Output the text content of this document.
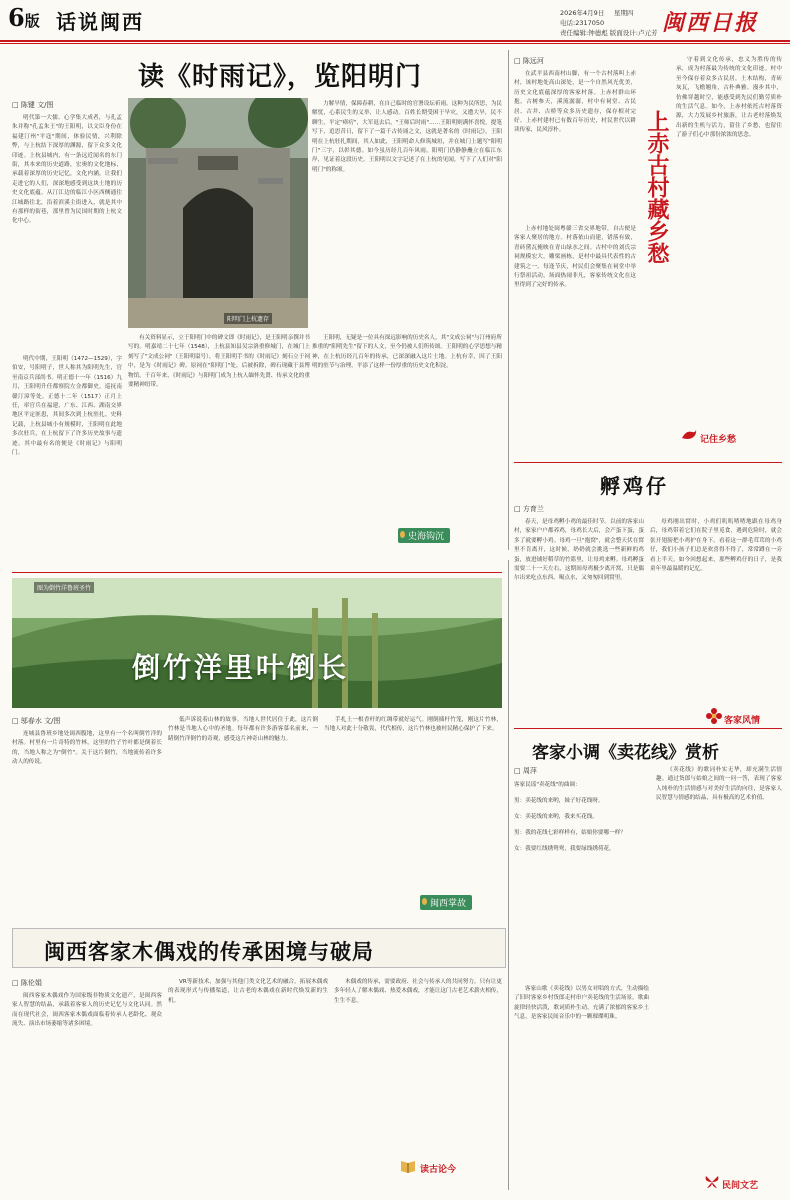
6版 话说闽西	2026年4月9日 星期四
电话:2317050
责任编辑:钟德彪 版面设计:卢元芳 闽西日报
读《时雨记》，览阳明门
□ 陈键 文/图
明代第一大儒、心学集大成者，与孔孟朱并称"孔孟朱王"的王阳明，以文臣身份在福建汀州"平寇"期间，体验民情，兴利除弊，与上杭结下深厚的渊源，留下众多文化印迹。上杭县城内，有一条远近闻名的东门街，其本来的历史道路，宏奥的文化地标，承载着深厚的历史记忆，文化内涵，让我们走进它的人们，深深地感受到这块土地的历史文化底蕴。从汀江边的临江小区西侧通往江城路往北，沿着滨溪主街进入，就是其中有那样的街巷，那里曾为民国时期的上杭文化中心。
明代中期，王阳明（1472—1529），字伯安，号阳明子，世人称其为阳明先生，官至南京兵部尚书。明正德十一年（1516）九月，王阳明升任都察院左佥都御史，巡抚南赣汀漳等处。正德十二年（1517）正月上任，率官兵在福建、广东、江西、湖南交界地区平定匪患，其间多次到上杭驻扎。史料记载，上杭县城小有规模时，王阳明在此地多次驻兵，在上杭留下了许多历史故事与遗迹，其中最有名的便是《时雨记》与阳明门。
阳明门上杭遗存
力解旱情，保障春耕，在自己临时的官署设坛祈雨。这种为民所思，为民解忧，心系民生的义举，让人感动。百姓长期受困于旱灾，又遭大旱，民不聊生，平定"瘴疠"，大军退去后，"王师后时雨"……王阳明则满怀喜悦，提笔写下，追思昔日，留下了一篇千古传诵之文，这就是著名的《时雨记》。王阳明在上杭驻扎期间，其人如此，王阳明命人修筑城垣，并在城门上题写"阳明门"三字，以彰其德。如今虽历经几百年风雨，阳明门仍静静矗立在临江东岸，见证着这段历史。王阳明以文字记述了在上杭的见闻，写下了人们对"阳明门"的称颂。
有关资料显示，立于阳明门中的碑文即《时雨记》，是王阳明亲撰并书写的。明嘉靖二十七年（1548），上杭县知县吴宗洛重修城门，在城门上刻写了"文成公祠"（王阳明谥号），将王阳明手书的《时雨记》刻石立于祠中，是为《时雨记》碑。原祠在"阳明门"处，后被拆除，碑石现藏于县博物馆。千百年来，《时雨记》与阳明门成为上杭人缅怀先贤、传承文化的重要精神纽带。
王阳明，无疑是一位具有深远影响的历史名人，其"文成公祠"与汀州府所推重的"阳明先生"留下的人文，至今仍被人们所传颂。王阳明的心学思想与精神，在上杭历经几百年的传承，已深深融入这片土地。上杭有幸，因了王阳明的驻节与治理，平添了这样一份厚重的历史文化积淀。
史海钩沉
□ 陈远河
在武平县西南村山脚，有一个古村落叫上赤村，该村地处高山深处，是一个自然风光优美，历史文化底蕴深厚的客家村落。上赤村群山环抱，古树参天，溪流潺潺，村中有祠堂、古民居、古井、古桥等众多历史遗存，保存相对完好。上赤村建村已有数百年历史，村民世代以耕读传家，民风淳朴。	上赤古村藏乡愁
上赤村地处闽粤赣三省交界地带，自古便是客家人聚居的地方。村落依山而建，错落有致，青砖黛瓦掩映在青山绿水之间。古村中的刘氏宗祠规模宏大，雕梁画栋，是村中最具代表性的古建筑之一。每逢节庆，村民们会聚集在祠堂中举行祭祖活动，场面热闹非凡，客家传统文化在这里得到了完好的传承。
守着到文化传承，忠义为胜传的传承，成为村落最为传统的文化印迹。村中至今保存着众多古民居，土木结构，青砖灰瓦，飞檐翘角，古朴典雅。漫步其中，仿佛穿越时空，能感受到先民们勤劳质朴的生活气息。如今，上赤村依托古村落资源，大力发展乡村旅游，让古老村落焕发出新的生机与活力，留住了乡愁，也留住了游子们心中那份浓浓的思念。
记住乡愁
孵鸡仔
□ 方育兰
春天，是母鸡孵小鸡的最佳时节。以前的客家山村，家家户户都养鸡，母鸡长大后，会产蛋下蛋，蛋多了就要孵小鸡。母鸡一旦"抱窝"，就会整天伏在窝里不肯离开，这时候，奶奶就会挑选一些新鲜的鸡蛋，放进铺好稻草的竹篮里，让母鸡来孵。母鸡孵蛋需要二十一天左右，这期间母鸡极少离开窝，只是偶尔出来吃点东西、喝点水，又匆匆回到窝里。
母鸡刚出窝时，小鸡们叽叽喳喳地跟在母鸡身后，母鸡带着它们在院子里觅食，遇到危险时，就会张开翅膀把小鸡护在身下。看着这一群毛茸茸的小鸡仔，我们小孩子们总是欢喜得不得了，常常蹲在一旁看上半天。如今回想起来，那些孵鸡仔的日子，是我童年里最温暖的记忆。
客家风情
图为倒竹洋鲁班圣竹
倒竹洋里叶倒长
□ 邬春水 文/图
连城县鲁班乡地处闽西腹地，这里有一个名叫倒竹洋的村落。村里有一片奇特的竹林，这里的竹子竹叶都是倒着长的，当地人称之为"倒竹"。关于这片倒竹，当地流传着许多动人的传说。
低声诉说着山林的故事。当地人世代居住于此，这片倒竹林是当地人心中的圣地。每年都有许多游客慕名前来，一睹倒竹洋倒竹的奇观，感受这片神奇山林的魅力。
手扎上一根香杆的红绸带就好运气。刚倒插杆竹笼，刚这片竹林，当地人对此十分敬畏，代代相传，这片竹林也被村民精心保护了下来。
闽西掌故
客家小调《卖花线》赏析
□ 周萍
客家民谣"卖花线"的曲调：
男：卖花线的来哟，妹子好花线呀。
女：卖花线的来哟，我来买花线。
男：我的花线七彩样样有，姑娘你要哪一样？
女：我要红线绣鸳鸯，我要绿线绣荷花。
客家山歌《卖花线》以男女对唱的方式，生动描绘了旧时客家乡村货郎走村串户卖花线的生活场景。歌曲旋律轻快活泼，歌词质朴生动，充满了浓郁的客家乡土气息，是客家民间音乐中的一颗璀璨明珠。
《卖花线》的歌词朴实无华，却充满生活情趣。通过货郎与姑娘之间的一问一答，表现了客家人纯朴的生活情感与对美好生活的向往，是客家人民智慧与情感的结晶，具有极高的艺术价值。
民间文艺
闽西客家木偶戏的传承困境与破局
□ 陈伦娟
闽西客家木偶戏作为国家级非物质文化遗产，是闽西客家人智慧的结晶，承载着客家人的历史记忆与文化认同。然而在现代社会，闽西客家木偶戏面临着传承人老龄化、观众流失、演出市场萎缩等诸多困境。
VR等新技术，加强与其他门类文化艺术的融合，拓展木偶戏的表现形式与传播渠道，让古老的木偶戏在新时代焕发新的生机。
木偶戏的传承，需要政府、社会与传承人的共同努力。只有让更多年轻人了解木偶戏、热爱木偶戏，才能让这门古老艺术薪火相传，生生不息。
读古论今
